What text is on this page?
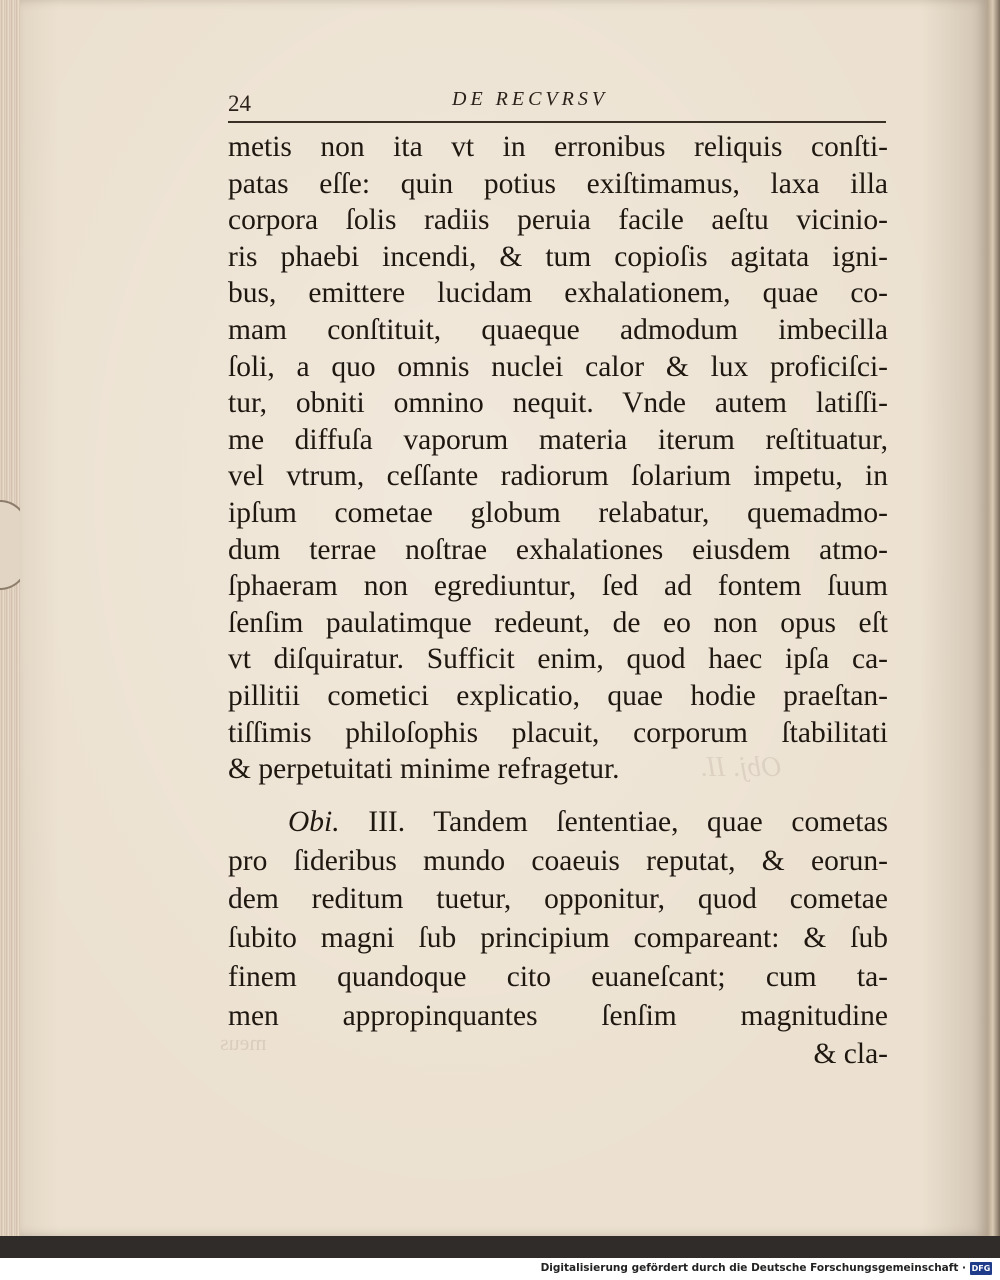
Obj. II.
meus
24	DE RECVRSV
metis non ita vt in erronibus reliquis conſti-
patas eſſe: quin potius exiſtimamus, laxa illa
corpora ſolis radiis peruia facile aeſtu vicinio-
ris phaebi incendi, & tum copioſis agitata igni-
bus, emittere lucidam exhalationem, quae co-
mam conſtituit, quaeque admodum imbecilla
ſoli, a quo omnis nuclei calor & lux proficiſci-
tur, obniti omnino nequit. Vnde autem latiſſi-
me diffuſa vaporum materia iterum reſtituatur,
vel vtrum, ceſſante radiorum ſolarium impetu, in
ipſum cometae globum relabatur, quemadmo-
dum terrae noſtrae exhalationes eiusdem atmo-
ſphaeram non egrediuntur, ſed ad fontem ſuum
ſenſim paulatimque redeunt, de eo non opus eſt
vt diſquiratur. Sufficit enim, quod haec ipſa ca-
pillitii cometici explicatio, quae hodie praeſtan-
tiſſimis philoſophis placuit, corporum ſtabilitati
& perpetuitati minime refragetur.
Obi. III. Tandem ſententiae, quae cometas
pro ſideribus mundo coaeuis reputat, & eorun-
dem reditum tuetur, opponitur, quod cometae
ſubito magni ſub principium compareant: & ſub
finem quandoque cito euaneſcant; cum ta-
men appropinquantes ſenſim magnitudine
& cla-
Digitalisierung gefördert durch die Deutsche Forschungsgemeinschaft · DFG
